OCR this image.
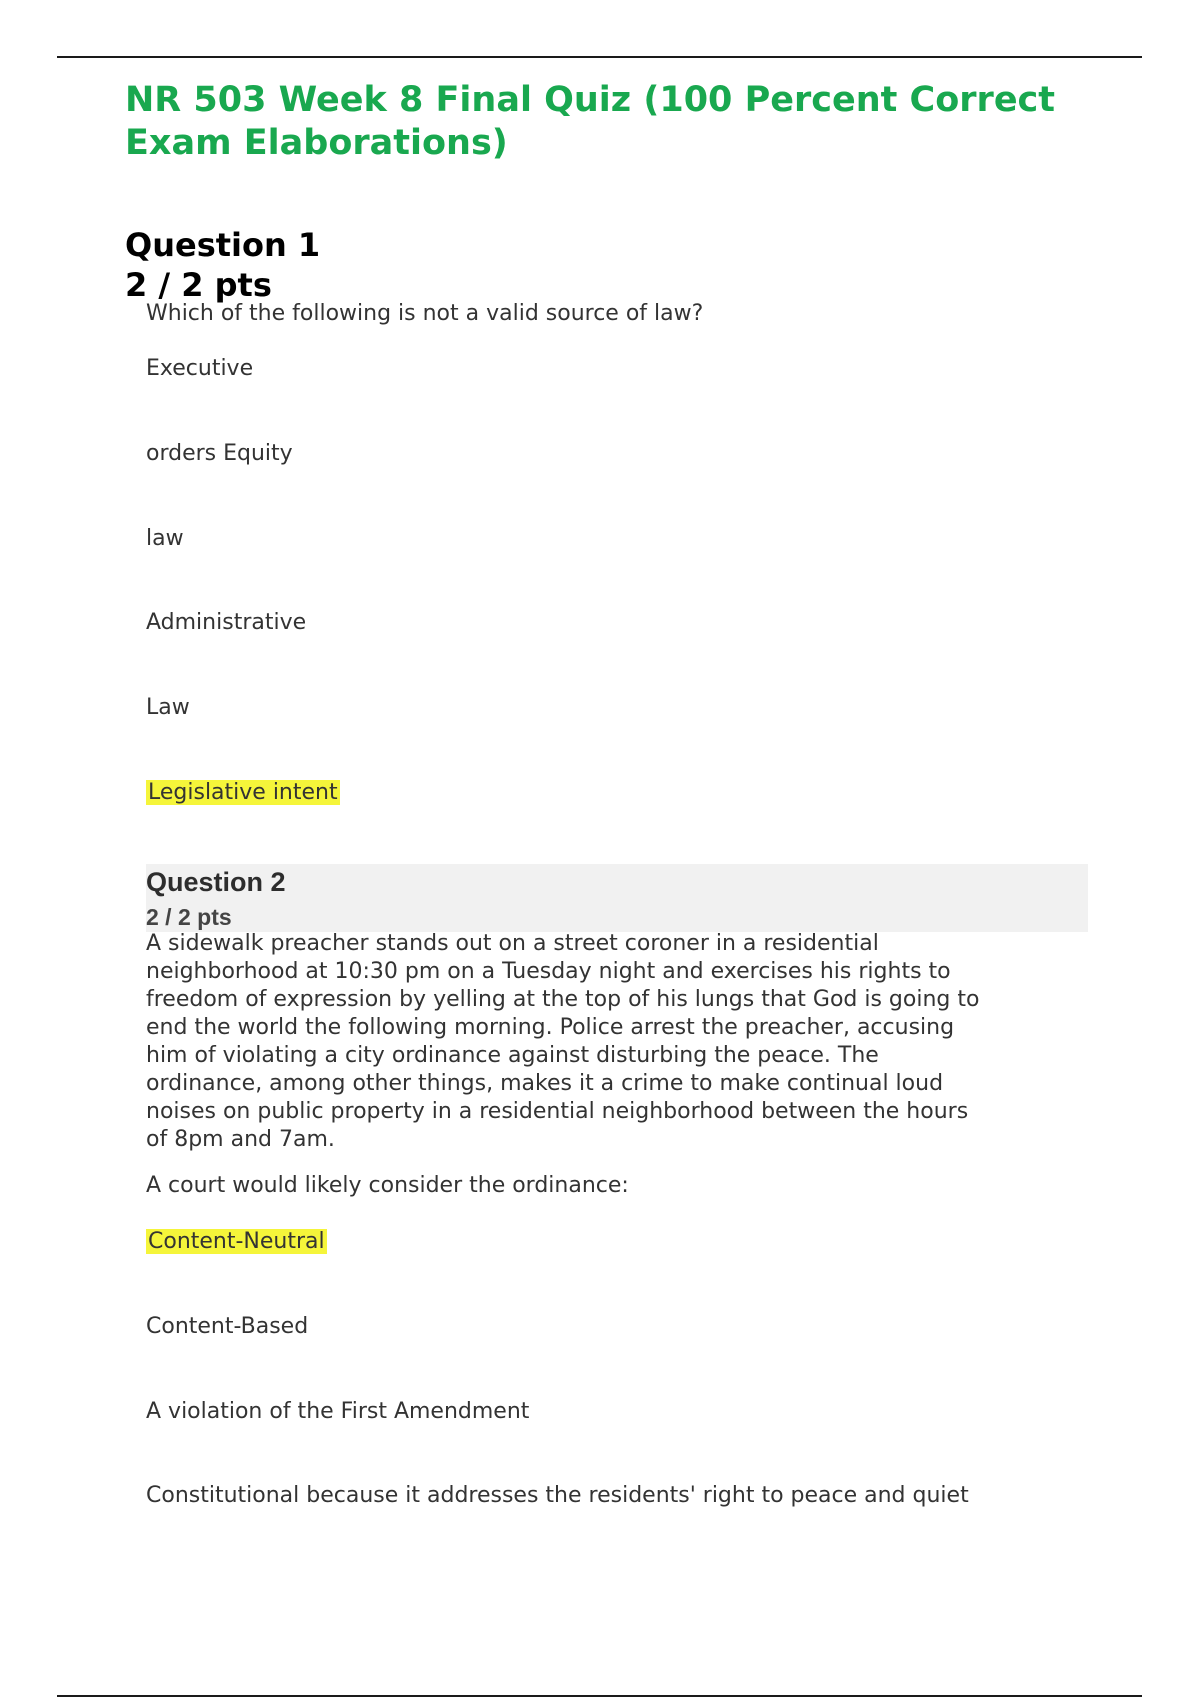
NR 503 Week 8 Final Quiz (100 Percent Correct Exam Elaborations)
Question 1
2 / 2 pts
Which of the following is not a valid source of law?
Executive
orders Equity
law
Administrative
Law
Legislative intent
Question 2
2 / 2 pts
A sidewalk preacher stands out on a street coroner in a residential
neighborhood at 10:30 pm on a Tuesday night and exercises his rights to
freedom of expression by yelling at the top of his lungs that God is going to
end the world the following morning. Police arrest the preacher, accusing
him of violating a city ordinance against disturbing the peace. The
ordinance, among other things, makes it a crime to make continual loud
noises on public property in a residential neighborhood between the hours
of 8pm and 7am.
A court would likely consider the ordinance:
Content-Neutral
Content-Based
A violation of the First Amendment
Constitutional because it addresses the residents' right to peace and quiet
